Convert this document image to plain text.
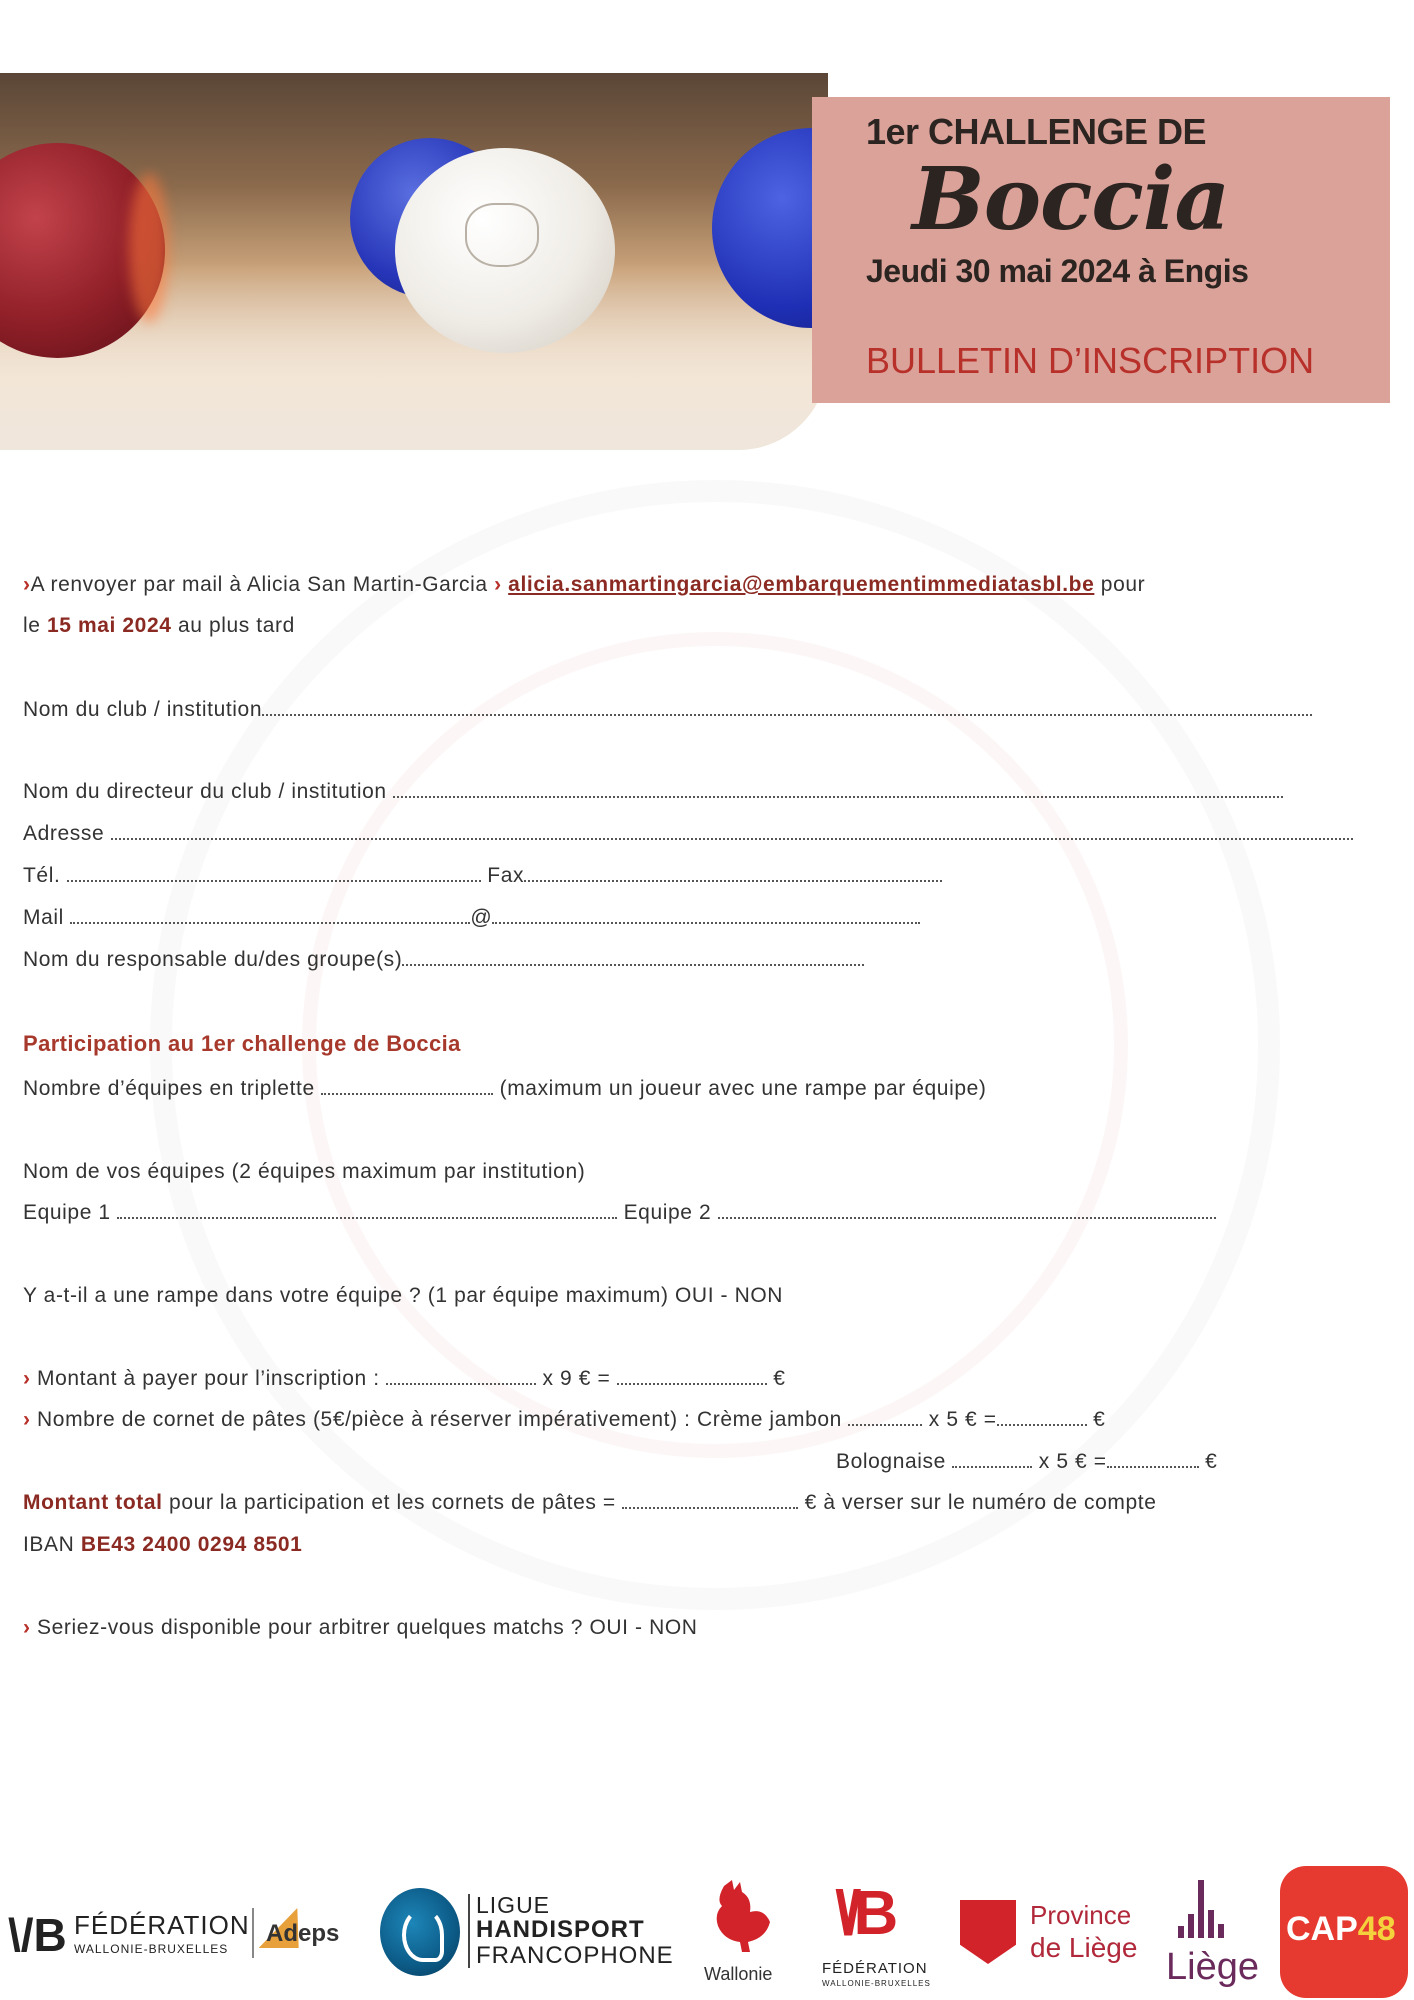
1er CHALLENGE DE
Boccia
Jeudi 30 mai 2024 à Engis
BULLETIN D’INSCRIPTION
›A renvoyer par mail à Alicia San Martin-Garcia › alicia.sanmartingarcia@embarquementimmediatasbl.be pour
le 15 mai 2024 au plus tard
Nom du club / institution
Nom du directeur du club / institution
Adresse
Tél.	Fax
Mail	@
Nom du responsable du/des groupe(s)
Participation au 1er challenge de Boccia
Nombre d’équipes en triplette	(maximum un joueur avec une rampe par équipe)
Nom de vos équipes (2 équipes maximum par institution)
Equipe 1	Equipe 2
Y a-t-il a une rampe dans votre équipe ? (1 par équipe maximum) OUI - NON
› Montant à payer pour l’inscription :	x 9 € =	€
› Nombre de cornet de pâtes (5€/pièce à réserver impérativement) : Crème jambon	x 5 € =	€
Bolognaise	x 5 € =	€
Montant total pour la participation et les cornets de pâtes =	€ à verser sur le numéro de compte
IBAN BE43 2400 0294 8501
› Seriez-vous disponible pour arbitrer quelques matchs ? OUI - NON
\/B FÉDÉRATION
WALLONIE-BRUXELLES
Adeps
LIGUE
HANDISPORT
FRANCOPHONE
Wallonie
\/B
FÉDÉRATION
WALLONIE-BRUXELLES
Province
de Liège Liège
CAP48
